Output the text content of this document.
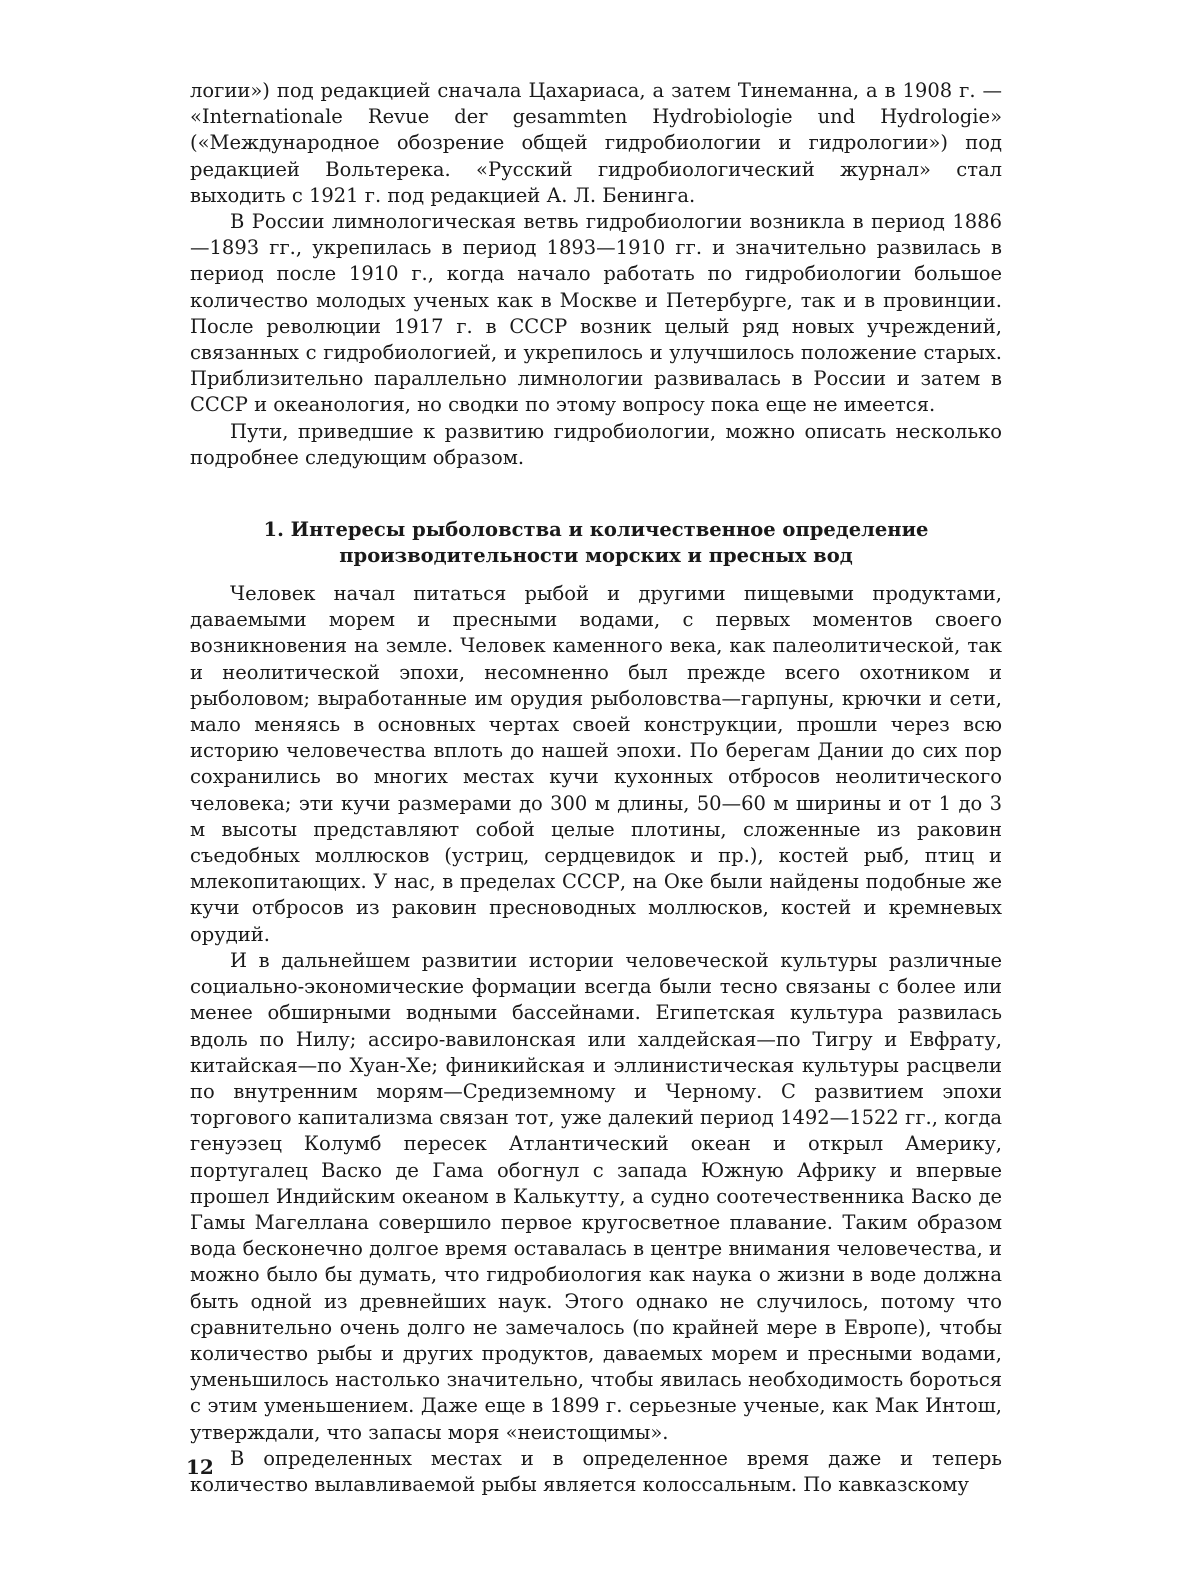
логии») под редакцией сначала Цахариаса, а затем Тинеманна, а в 1908 г. — «Internationale Revue der gesammten Hydrobiologie und Hydrologie» («Международное обозрение общей гидробиологии и гидрологии») под редакцией Вольтерека. «Русский гидробиологический журнал» стал выходить с 1921 г. под редакцией А. Л. Бенинга.

В России лимнологическая ветвь гидробиологии возникла в период 1886—1893 гг., укрепилась в период 1893—1910 гг. и значительно развилась в период после 1910 г., когда начало работать по гидробиологии большое количество молодых ученых как в Москве и Петербурге, так и в провинции. После революции 1917 г. в СССР возник целый ряд новых учреждений, связанных с гидробиологией, и укрепилось и улучшилось положение старых. Приблизительно параллельно лимнологии развивалась в России и затем в СССР и океанология, но сводки по этому вопросу пока еще не имеется.

Пути, приведшие к развитию гидробиологии, можно описать несколько подробнее следующим образом.

1. Интересы рыболовства и количественное определение производительности морских и пресных вод

Человек начал питаться рыбой и другими пищевыми продуктами, даваемыми морем и пресными водами, с первых моментов своего возникновения на земле. Человек каменного века, как палеолитической, так и неолитической эпохи, несомненно был прежде всего охотником и рыболовом; выработанные им орудия рыболовства—гарпуны, крючки и сети, мало меняясь в основных чертах своей конструкции, прошли через всю историю человечества вплоть до нашей эпохи. По берегам Дании до сих пор сохранились во многих местах кучи кухонных отбросов неолитического человека; эти кучи размерами до 300 м длины, 50—60 м ширины и от 1 до 3 м высоты представляют собой целые плотины, сложенные из раковин съедобных моллюсков (устриц, сердцевидок и пр.), костей рыб, птиц и млекопитающих. У нас, в пределах СССР, на Оке были найдены подобные же кучи отбросов из раковин пресноводных моллюсков, костей и кремневых орудий.

И в дальнейшем развитии истории человеческой культуры различные социально-экономические формации всегда были тесно связаны с более или менее обширными водными бассейнами. Египетская культура развилась вдоль по Нилу; ассиро-вавилонская или халдейская—по Тигру и Евфрату, китайская—по Хуан-Хе; финикийская и эллинистическая культуры расцвели по внутренним морям—Средиземному и Черному. С развитием эпохи торгового капитализма связан тот, уже далекий период 1492—1522 гг., когда генуэзец Колумб пересек Атлантический океан и открыл Америку, португалец Васко де Гама обогнул с запада Южную Африку и впервые прошел Индийским океаном в Калькутту, а судно соотечественника Васко де Гамы Магеллана совершило первое кругосветное плавание. Таким образом вода бесконечно долгое время оставалась в центре внимания человечества, и можно было бы думать, что гидробиология как наука о жизни в воде должна быть одной из древнейших наук. Этого однако не случилось, потому что сравнительно очень долго не замечалось (по крайней мере в Европе), чтобы количество рыбы и других продуктов, даваемых морем и пресными водами, уменьшилось настолько значительно, чтобы явилась необходимость бороться с этим уменьшением. Даже еще в 1899 г. серьезные ученые, как Мак Интош, утверждали, что запасы моря «неистощимы».

В определенных местах и в определенное время даже и теперь количество вылавливаемой рыбы является колоссальным. По кавказскому

12
